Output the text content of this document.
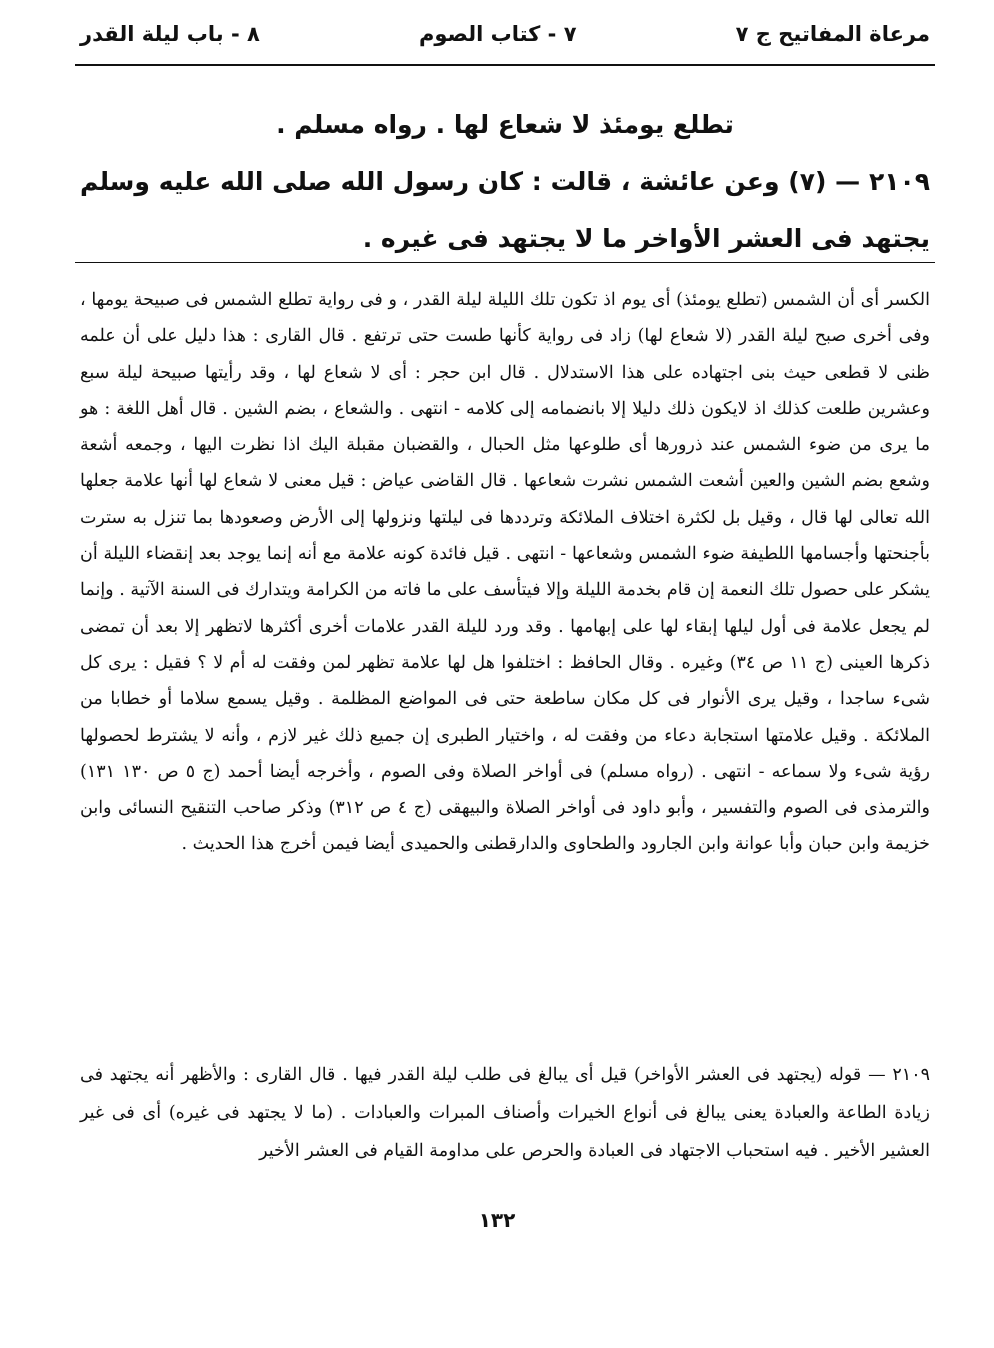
مرعاة المفاتيح ج ٧
٧ - كتاب الصوم
٨ - باب ليلة القدر
تطلع يومئذ لا شعاع لها . رواه مسلم .
٢١٠٩ — (٧) وعن عائشة ، قالت : كان رسول الله صلى الله عليه وسلم يجتهد فى العشر الأواخر ما لا يجتهد فى غيره .
الكسر أى أن الشمس (تطلع يومئذ) أى يوم اذ تكون تلك الليلة ليلة القدر ، و فى رواية تطلع الشمس فى صبيحة يومها ، وفى أخرى صبح ليلة القدر (لا شعاع لها) زاد فى رواية كأنها طست حتى ترتفع . قال القارى : هذا دليل على أن علمه ظنى لا قطعى حيث بنى اجتهاده على هذا الاستدلال . قال ابن حجر : أى لا شعاع لها ، وقد رأيتها صبيحة ليلة سبع وعشرين طلعت كذلك اذ لايكون ذلك دليلا إلا بانضمامه إلى كلامه - انتهى . والشعاع ، بضم الشين . قال أهل اللغة : هو ما يرى من ضوء الشمس عند ذرورها أى طلوعها مثل الحبال ، والقضبان مقبلة اليك اذا نظرت اليها ، وجمعه أشعة وشعع بضم الشين والعين أشعت الشمس نشرت شعاعها . قال القاضى عياض : قيل معنى لا شعاع لها أنها علامة جعلها الله تعالى لها قال ، وقيل بل لكثرة اختلاف الملائكة وترددها فى ليلتها ونزولها إلى الأرض وصعودها بما تنزل به سترت بأجنحتها وأجسامها اللطيفة ضوء الشمس وشعاعها - انتهى . قيل فائدة كونه علامة مع أنه إنما يوجد بعد إنقضاء الليلة أن يشكر على حصول تلك النعمة إن قام بخدمة الليلة وإلا فيتأسف على ما فاته من الكرامة ويتدارك فى السنة الآتية . وإنما لم يجعل علامة فى أول ليلها إبقاء لها على إبهامها . وقد ورد لليلة القدر علامات أخرى أكثرها لاتظهر إلا بعد أن تمضى ذكرها العينى (ج ١١ ص ٣٤) وغيره . وقال الحافظ : اختلفوا هل لها علامة تظهر لمن وفقت له أم لا ؟ فقيل : يرى كل شىء ساجدا ، وقيل يرى الأنوار فى كل مكان ساطعة حتى فى المواضع المظلمة . وقيل يسمع سلاما أو خطابا من الملائكة . وقيل علامتها استجابة دعاء من وفقت له ، واختيار الطبرى إن جميع ذلك غير لازم ، وأنه لا يشترط لحصولها رؤية شىء ولا سماعه - انتهى . (رواه مسلم) فى أواخر الصلاة وفى الصوم ، وأخرجه أيضا أحمد (ج ٥ ص ١٣٠ ١٣١) والترمذى فى الصوم والتفسير ، وأبو داود فى أواخر الصلاة والبيهقى (ج ٤ ص ٣١٢) وذكر صاحب التنقيح النسائى وابن خزيمة وابن حبان وأبا عوانة وابن الجارود والطحاوى والدارقطنى والحميدى أيضا فيمن أخرج هذا الحديث .
٢١٠٩ — قوله (يجتهد فى العشر الأواخر) قيل أى يبالغ فى طلب ليلة القدر فيها . قال القارى : والأظهر أنه يجتهد فى زيادة الطاعة والعبادة يعنى يبالغ فى أنواع الخيرات وأصناف المبرات والعبادات . (ما لا يجتهد فى غيره) أى فى غير العشير الأخير . فيه استحباب الاجتهاد فى العبادة والحرص على مداومة القيام فى العشر الأخير
١٣٢
